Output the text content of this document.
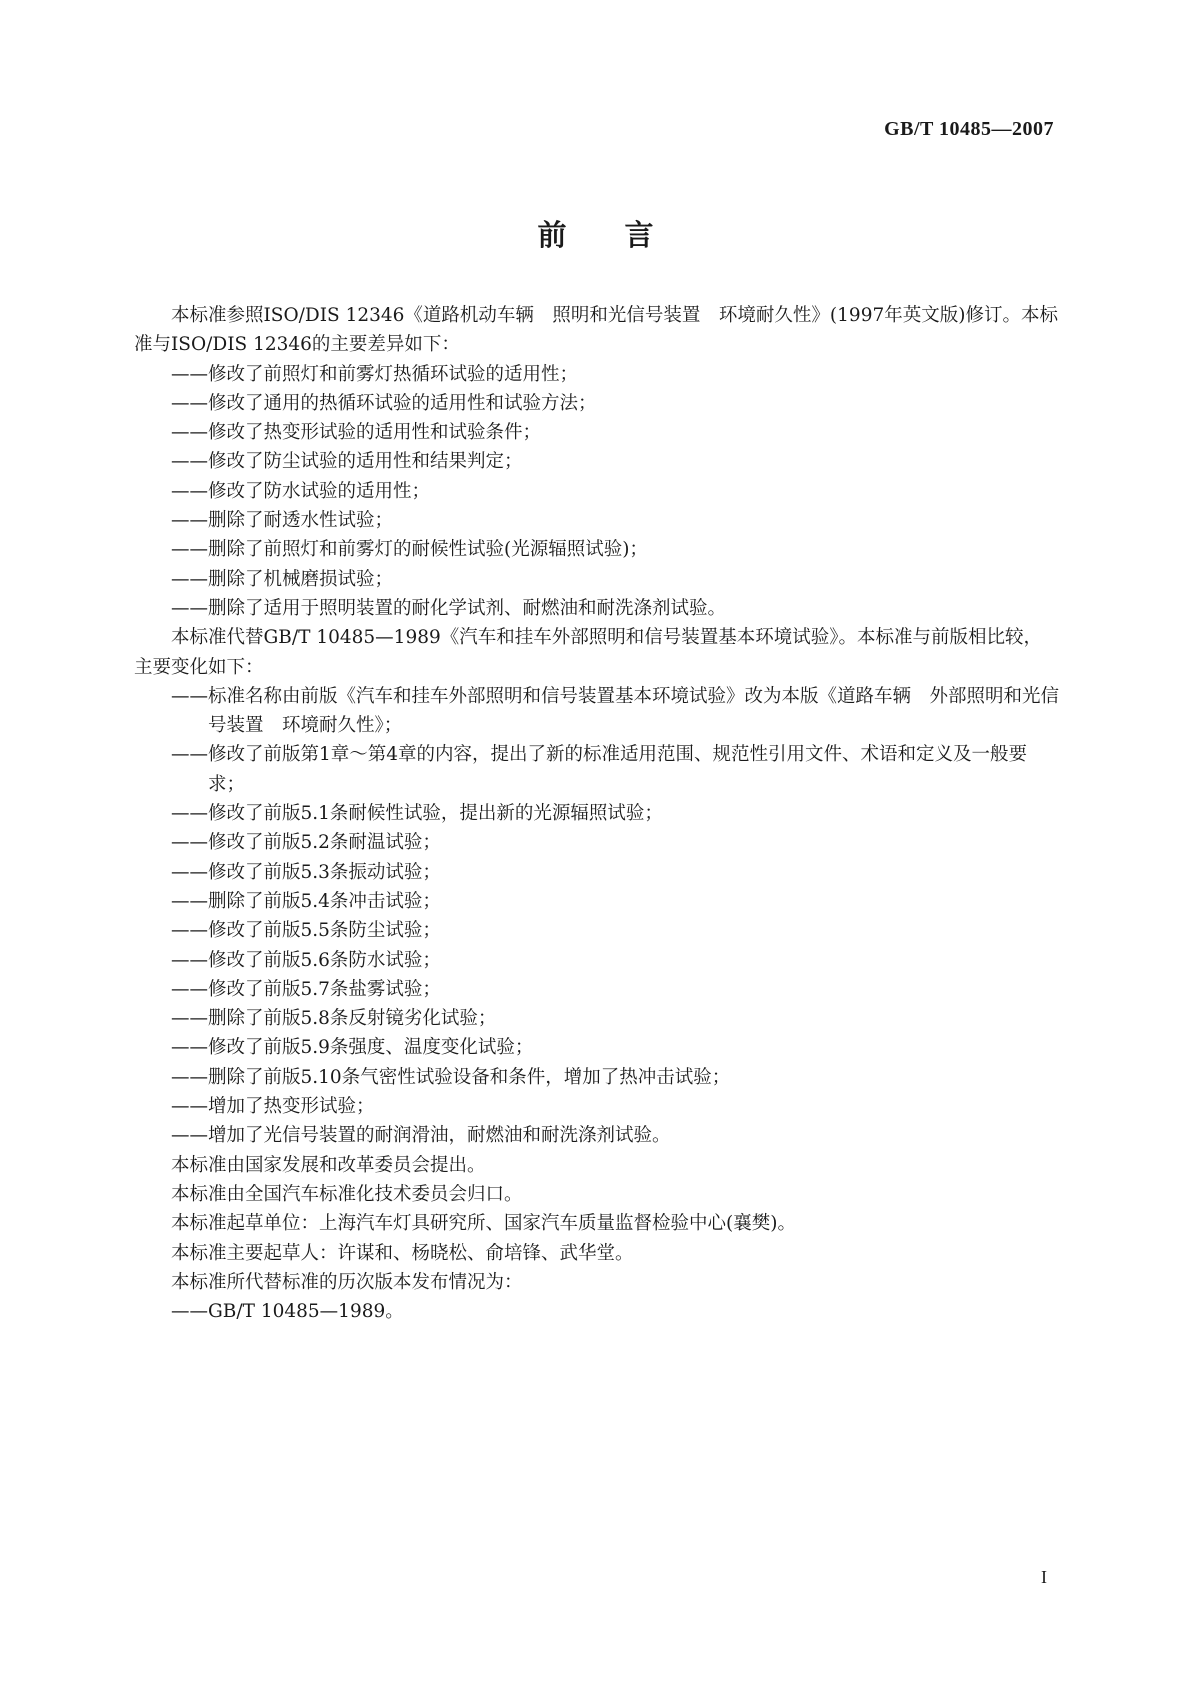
GB/T 10485—2007
前　　言

本标准参照ISO/DIS 12346《道路机动车辆　照明和光信号装置　环境耐久性》(1997年英文版)修订。本标准与ISO/DIS 12346的主要差异如下：

——修改了前照灯和前雾灯热循环试验的适用性；

——修改了通用的热循环试验的适用性和试验方法；

——修改了热变形试验的适用性和试验条件；

——修改了防尘试验的适用性和结果判定；

——修改了防水试验的适用性；

——删除了耐透水性试验；

——删除了前照灯和前雾灯的耐候性试验(光源辐照试验)；

——删除了机械磨损试验；

——删除了适用于照明装置的耐化学试剂、耐燃油和耐洗涤剂试验。

本标准代替GB/T 10485—1989《汽车和挂车外部照明和信号装置基本环境试验》。本标准与前版相比较，主要变化如下：

——标准名称由前版《汽车和挂车外部照明和信号装置基本环境试验》改为本版《道路车辆　外部照明和光信号装置　环境耐久性》；

——修改了前版第1章～第4章的内容，提出了新的标准适用范围、规范性引用文件、术语和定义及一般要求；

——修改了前版5.1条耐候性试验，提出新的光源辐照试验；

——修改了前版5.2条耐温试验；

——修改了前版5.3条振动试验；

——删除了前版5.4条冲击试验；

——修改了前版5.5条防尘试验；

——修改了前版5.6条防水试验；

——修改了前版5.7条盐雾试验；

——删除了前版5.8条反射镜劣化试验；

——修改了前版5.9条强度、温度变化试验；

——删除了前版5.10条气密性试验设备和条件，增加了热冲击试验；

——增加了热变形试验；

——增加了光信号装置的耐润滑油，耐燃油和耐洗涤剂试验。

本标准由国家发展和改革委员会提出。

本标准由全国汽车标准化技术委员会归口。

本标准起草单位：上海汽车灯具研究所、国家汽车质量监督检验中心(襄樊)。

本标准主要起草人：许谋和、杨晓松、俞培锋、武华堂。

本标准所代替标准的历次版本发布情况为：

——GB/T 10485—1989。

I
